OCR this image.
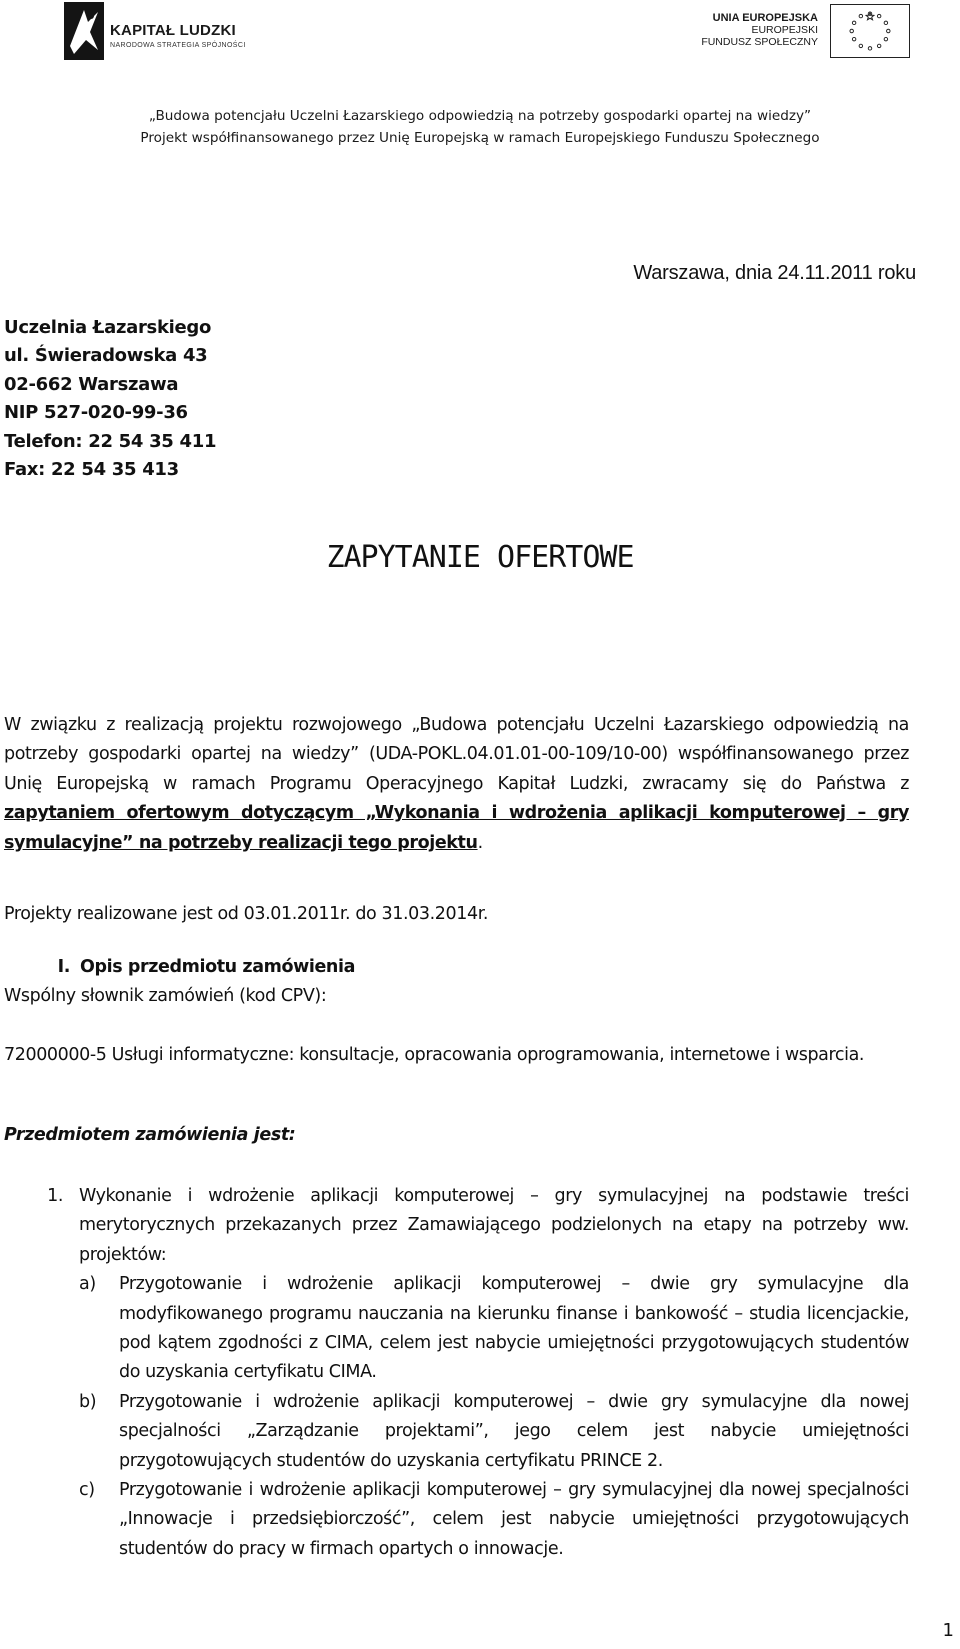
KAPITAŁ LUDZKI
NARODOWA STRATEGIA SPÓJNOŚCI
UNIA EUROPEJSKA
EUROPEJSKI
FUNDUSZ SPOŁECZNY
„Budowa potencjału Uczelni Łazarskiego odpowiedzią na potrzeby gospodarki opartej na wiedzy”
Projekt współfinansowanego przez Unię Europejską w ramach Europejskiego Funduszu Społecznego
Warszawa, dnia 24.11.2011 roku
Uczelnia Łazarskiego
ul. Świeradowska 43
02-662 Warszawa
NIP 527-020-99-36
Telefon: 22 54 35 411
Fax: 22 54 35 413
ZAPYTANIE OFERTOWE
W związku z realizacją projektu rozwojowego „Budowa potencjału Uczelni Łazarskiego odpowiedzią na potrzeby gospodarki opartej na wiedzy” (UDA-POKL.04.01.01-00-109/10-00) współfinansowanego przez Unię Europejską w ramach Programu Operacyjnego Kapitał Ludzki, zwracamy się do Państwa z zapytaniem ofertowym dotyczącym „Wykonania i wdrożenia aplikacji komputerowej – gry symulacyjne” na potrzeby realizacji tego projektu.
Projekty realizowane jest od 03.01.2011r. do 31.03.2014r.
I. Opis przedmiotu zamówienia
Wspólny słownik zamówień (kod CPV):
72000000-5 Usługi informatyczne: konsultacje, opracowania oprogramowania, internetowe i wsparcia.
Przedmiotem zamówienia jest:
1. Wykonanie i wdrożenie aplikacji komputerowej – gry symulacyjnej na podstawie treści merytorycznych przekazanych przez Zamawiającego podzielonych na etapy na potrzeby ww. projektów:
a)	Przygotowanie i wdrożenie aplikacji komputerowej – dwie gry symulacyjne dla modyfikowanego programu nauczania na kierunku finanse i bankowość – studia licencjackie, pod kątem zgodności z CIMA, celem jest nabycie umiejętności przygotowujących studentów do uzyskania certyfikatu CIMA.
b)	Przygotowanie i wdrożenie aplikacji komputerowej – dwie gry symulacyjne dla nowej specjalności „Zarządzanie projektami”, jego celem jest nabycie umiejętności przygotowujących studentów do uzyskania certyfikatu PRINCE 2.
c)	Przygotowanie i wdrożenie aplikacji komputerowej – gry symulacyjnej dla nowej specjalności „Innowacje i przedsiębiorczość”, celem jest nabycie umiejętności przygotowujących studentów do pracy w firmach opartych o innowacje.
1
